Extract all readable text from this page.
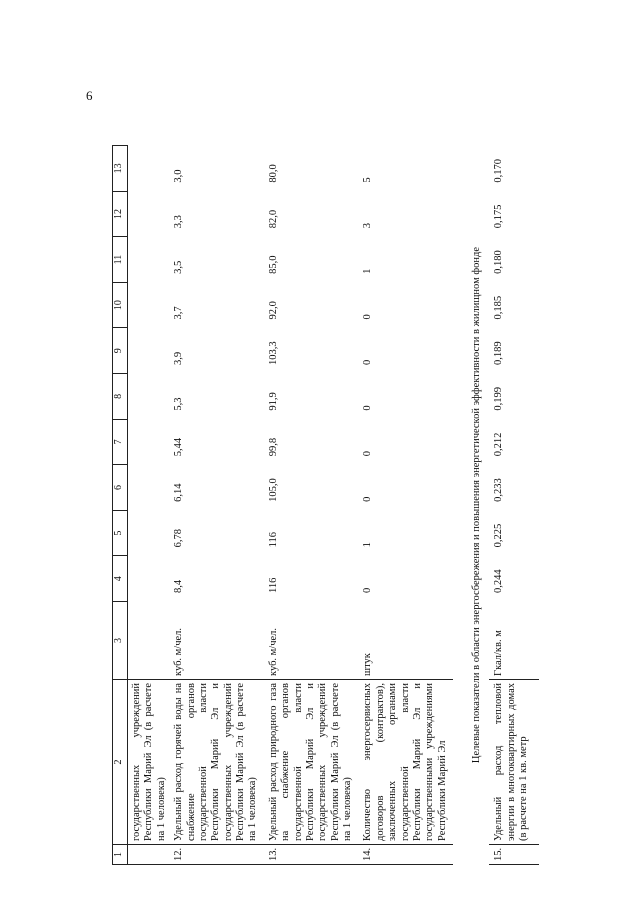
6
1	2	3	4	5	6	7	8	9	10	11	12	13
	государственных учреждений Республики Марий Эл (в расчете на 1 человека)											
12.	Удельный расход горячей воды на снабжение органов государственной власти Республики Марий Эл и государственных учреждений Республики Марий Эл (в расчете на 1 человека)	куб. м/чел.	8,4	6,78	6,14	5,44	5,3	3,9	3,7	3,5	3,3	3,0
13.	Удельный расход природного газа на снабжение органов государственной власти Республики Марий Эл и государственных учреждений Республики Марий Эл (в расчете на 1 человека)	куб. м/чел.	116	116	105,0	99,8	91,9	103,3	92,0	85,0	82,0	80,0
14.	Количество энергосервисных договоров (контрактов), заключенных органами государственной власти Республики Марий Эл и государственными учреждениями Республики Марий Эл	штук	0	1	0	0	0	0	0	1	3	5
Целевые показатели в области энергосбережения и повышения энергетической эффективности в жилищном фонде												
15.	Удельный расход тепловой энергии в многоквартирных домах (в расчете на 1 кв. метр	Гкал/кв. м	0,244	0,225	0,233	0,212	0,199	0,189	0,185	0,180	0,175	0,170
